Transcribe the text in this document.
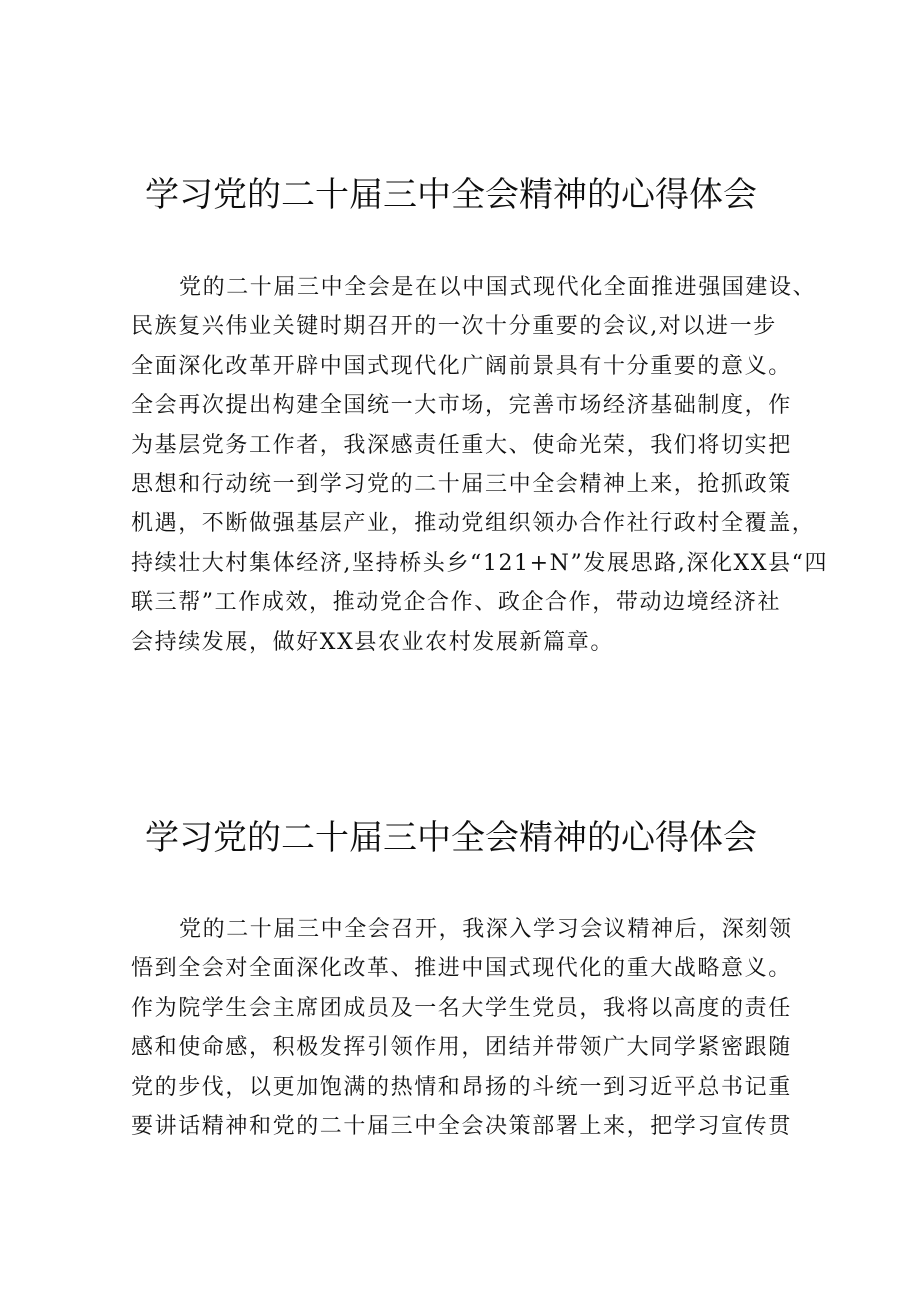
学习党的二十届三中全会精神的心得体会
党的二十届三中全会是在以中国式现代化全面推进强国建设、
民族复兴伟业关键时期召开的一次十分重要的会议,对以进一步
全面深化改革开辟中国式现代化广阔前景具有十分重要的意义。
全会再次提出构建全国统一大市场，完善市场经济基础制度，作
为基层党务工作者，我深感责任重大、使命光荣，我们将切实把
思想和行动统一到学习党的二十届三中全会精神上来，抢抓政策
机遇，不断做强基层产业，推动党组织领办合作社行政村全覆盖，
持续壮大村集体经济,坚持桥头乡“121+N”发展思路,深化XX县“四
联三帮”工作成效，推动党企合作、政企合作，带动边境经济社
会持续发展，做好XX县农业农村发展新篇章。
学习党的二十届三中全会精神的心得体会
党的二十届三中全会召开，我深入学习会议精神后，深刻领
悟到全会对全面深化改革、推进中国式现代化的重大战略意义。
作为院学生会主席团成员及一名大学生党员，我将以高度的责任
感和使命感，积极发挥引领作用，团结并带领广大同学紧密跟随
党的步伐，以更加饱满的热情和昂扬的斗统一到习近平总书记重
要讲话精神和党的二十届三中全会决策部署上来，把学习宣传贯
